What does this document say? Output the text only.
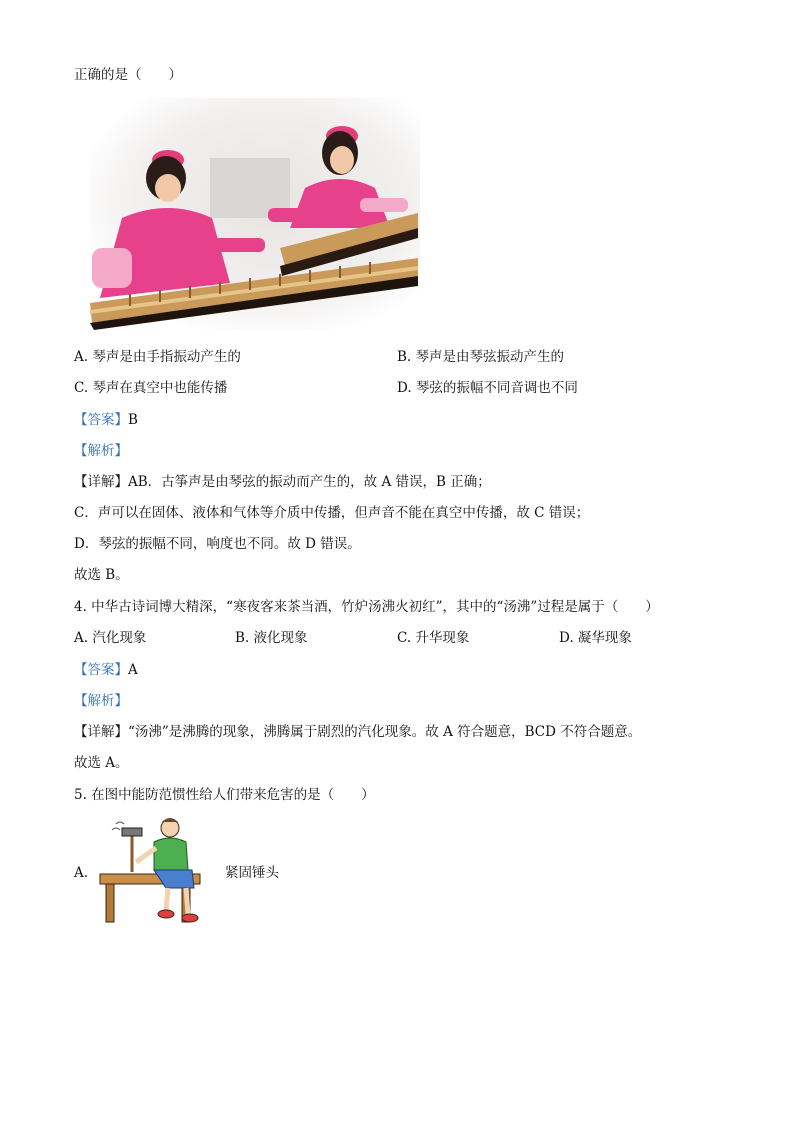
正确的是（　　）
A. 琴声是由手指振动产生的	B. 琴声是由琴弦振动产生的
C. 琴声在真空中也能传播	D. 琴弦的振幅不同音调也不同
【答案】B
【解析】
【详解】AB．古筝声是由琴弦的振动而产生的，故 A 错误，B 正确；
C．声可以在固体、液体和气体等介质中传播，但声音不能在真空中传播，故 C 错误；
D．琴弦的振幅不同，响度也不同。故 D 错误。
故选 B。
4. 中华古诗词博大精深，“寒夜客来茶当酒，竹炉汤沸火初红”，其中的“汤沸”过程是属于（　　）
A. 汽化现象	B. 液化现象	C. 升华现象	D. 凝华现象
【答案】A
【解析】
【详解】“汤沸”是沸腾的现象，沸腾属于剧烈的汽化现象。故 A 符合题意，BCD 不符合题意。
故选 A。
5. 在图中能防范惯性给人们带来危害的是（　　）
A.	紧固锤头
